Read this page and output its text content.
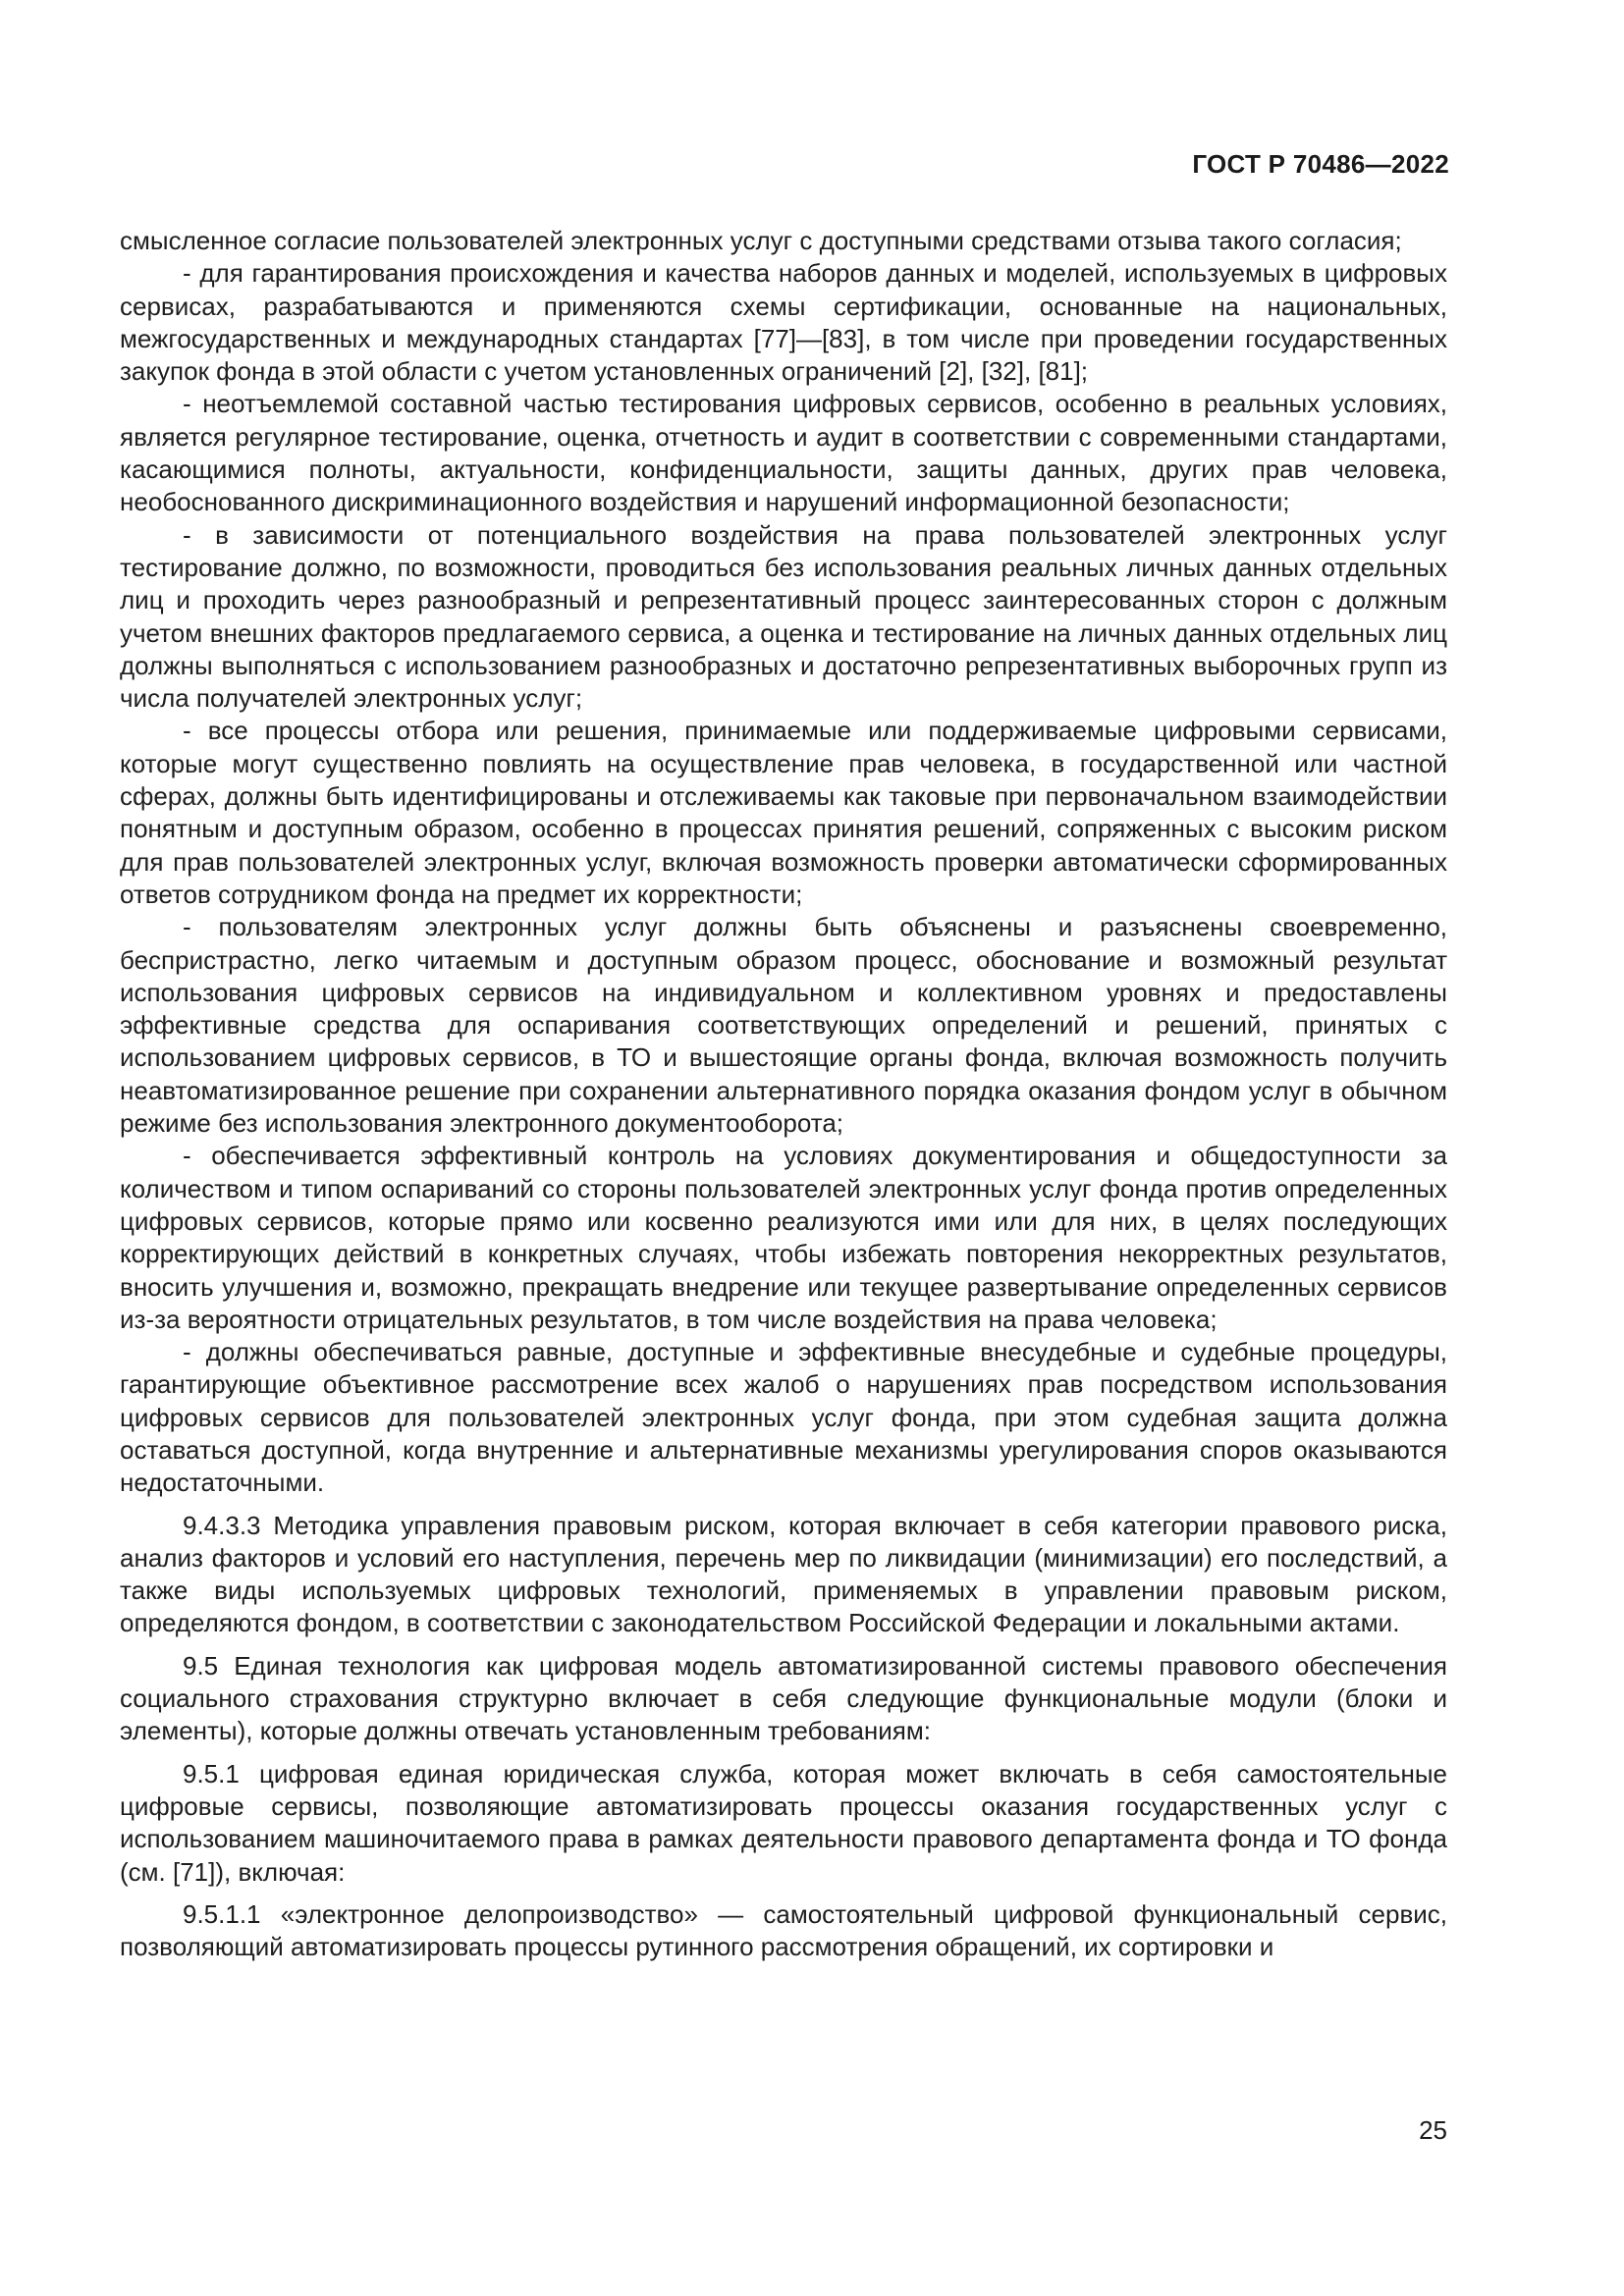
ГОСТ Р 70486—2022

смысленное согласие пользователей электронных услуг с доступными средствами отзыва такого согласия;

- для гарантирования происхождения и качества наборов данных и моделей, используемых в цифровых сервисах, разрабатываются и применяются схемы сертификации, основанные на национальных, межгосударственных и международных стандартах [77]—[83], в том числе при проведении государственных закупок фонда в этой области с учетом установленных ограничений [2], [32], [81];

- неотъемлемой составной частью тестирования цифровых сервисов, особенно в реальных условиях, является регулярное тестирование, оценка, отчетность и аудит в соответствии с современными стандартами, касающимися полноты, актуальности, конфиденциальности, защиты данных, других прав человека, необоснованного дискриминационного воздействия и нарушений информационной безопасности;

- в зависимости от потенциального воздействия на права пользователей электронных услуг тестирование должно, по возможности, проводиться без использования реальных личных данных отдельных лиц и проходить через разнообразный и репрезентативный процесс заинтересованных сторон с должным учетом внешних факторов предлагаемого сервиса, а оценка и тестирование на личных данных отдельных лиц должны выполняться с использованием разнообразных и достаточно репрезентативных выборочных групп из числа получателей электронных услуг;

- все процессы отбора или решения, принимаемые или поддерживаемые цифровыми сервисами, которые могут существенно повлиять на осуществление прав человека, в государственной или частной сферах, должны быть идентифицированы и отслеживаемы как таковые при первоначальном взаимодействии понятным и доступным образом, особенно в процессах принятия решений, сопряженных с высоким риском для прав пользователей электронных услуг, включая возможность проверки автоматически сформированных ответов сотрудником фонда на предмет их корректности;

- пользователям электронных услуг должны быть объяснены и разъяснены своевременно, беспристрастно, легко читаемым и доступным образом процесс, обоснование и возможный результат использования цифровых сервисов на индивидуальном и коллективном уровнях и предоставлены эффективные средства для оспаривания соответствующих определений и решений, принятых с использованием цифровых сервисов, в ТО и вышестоящие органы фонда, включая возможность получить неавтоматизированное решение при сохранении альтернативного порядка оказания фондом услуг в обычном режиме без использования электронного документооборота;

- обеспечивается эффективный контроль на условиях документирования и общедоступности за количеством и типом оспариваний со стороны пользователей электронных услуг фонда против определенных цифровых сервисов, которые прямо или косвенно реализуются ими или для них, в целях последующих корректирующих действий в конкретных случаях, чтобы избежать повторения некорректных результатов, вносить улучшения и, возможно, прекращать внедрение или текущее развертывание определенных сервисов из-за вероятности отрицательных результатов, в том числе воздействия на права человека;

- должны обеспечиваться равные, доступные и эффективные внесудебные и судебные процедуры, гарантирующие объективное рассмотрение всех жалоб о нарушениях прав посредством использования цифровых сервисов для пользователей электронных услуг фонда, при этом судебная защита должна оставаться доступной, когда внутренние и альтернативные механизмы урегулирования споров оказываются недостаточными.

9.4.3.3 Методика управления правовым риском, которая включает в себя категории правового риска, анализ факторов и условий его наступления, перечень мер по ликвидации (минимизации) его последствий, а также виды используемых цифровых технологий, применяемых в управлении правовым риском, определяются фондом, в соответствии с законодательством Российской Федерации и локальными актами.

9.5 Единая технология как цифровая модель автоматизированной системы правового обеспечения социального страхования структурно включает в себя следующие функциональные модули (блоки и элементы), которые должны отвечать установленным требованиям:

9.5.1 цифровая единая юридическая служба, которая может включать в себя самостоятельные цифровые сервисы, позволяющие автоматизировать процессы оказания государственных услуг с использованием машиночитаемого права в рамках деятельности правового департамента фонда и ТО фонда (см. [71]), включая:

9.5.1.1 «электронное делопроизводство» — самостоятельный цифровой функциональный сервис, позволяющий автоматизировать процессы рутинного рассмотрения обращений, их сортировки и

25
